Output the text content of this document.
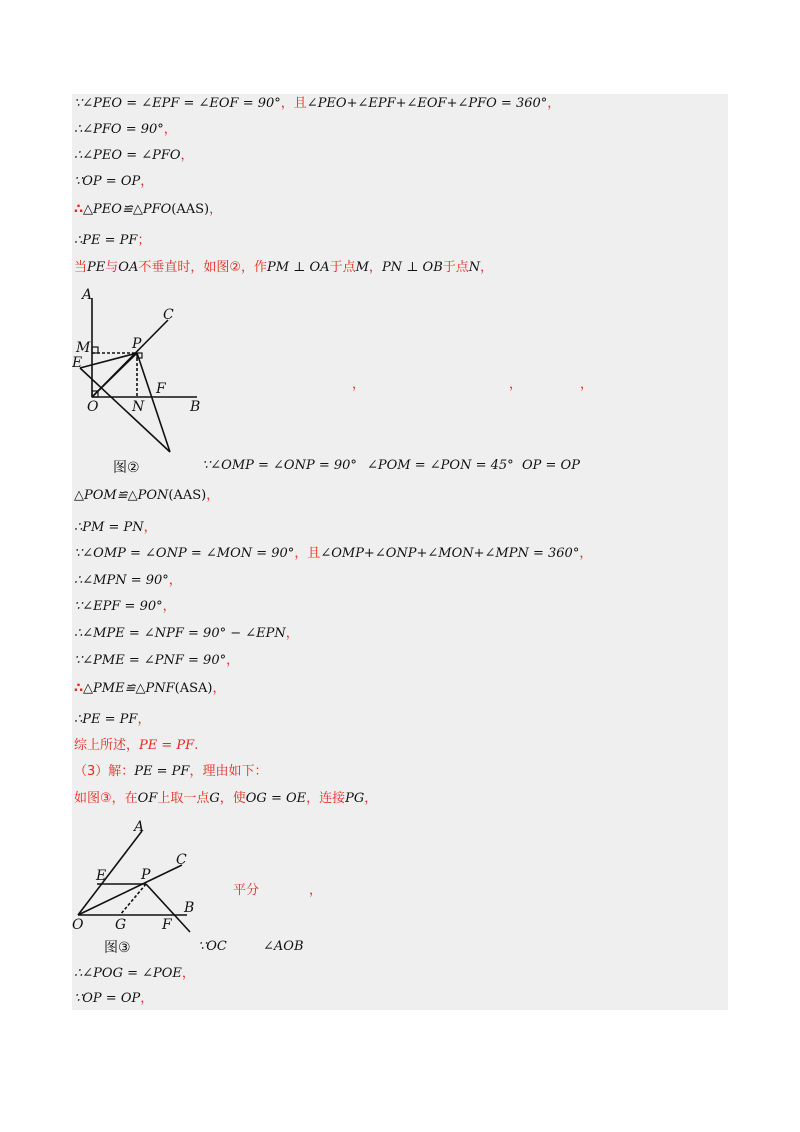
∵∠PEO = ∠EPF = ∠EOF = 90°，且∠PEO+∠EPF+∠EOF+∠PFO = 360°，
∴∠PFO = 90°，
∴∠PEO = ∠PFO，
∵OP = OP，
∴△PEO≌△PFO(AAS)，
∴PE = PF；
当PE与OA不垂直时，如图②，作PM ⊥ OA于点M，PN ⊥ OB于点N，
A
C
M	P
E
F
O N	B
图②
，	，	，
∵∠OMP = ∠ONP = 90° ∠POM = ∠PON = 45° OP = OP
△POM≌△PON(AAS)，
∴PM = PN，
∵∠OMP = ∠ONP = ∠MON = 90°，且∠OMP+∠ONP+∠MON+∠MPN = 360°，
∴∠MPN = 90°，
∵∠EPF = 90°，
∴∠MPE = ∠NPF = 90° − ∠EPN，
∵∠PME = ∠PNF = 90°，
∴△PME≌△PNF(ASA)，
∴PE = PF，
综上所述，PE = PF.
（3）解：PE = PF，理由如下：
如图③，在OF上取一点G，使OG = OE，连接PG，
A
C
E P
B
O G	F
图③
平分	，
∵OC	∠AOB
∴∠POG = ∠POE，
∵OP = OP，
